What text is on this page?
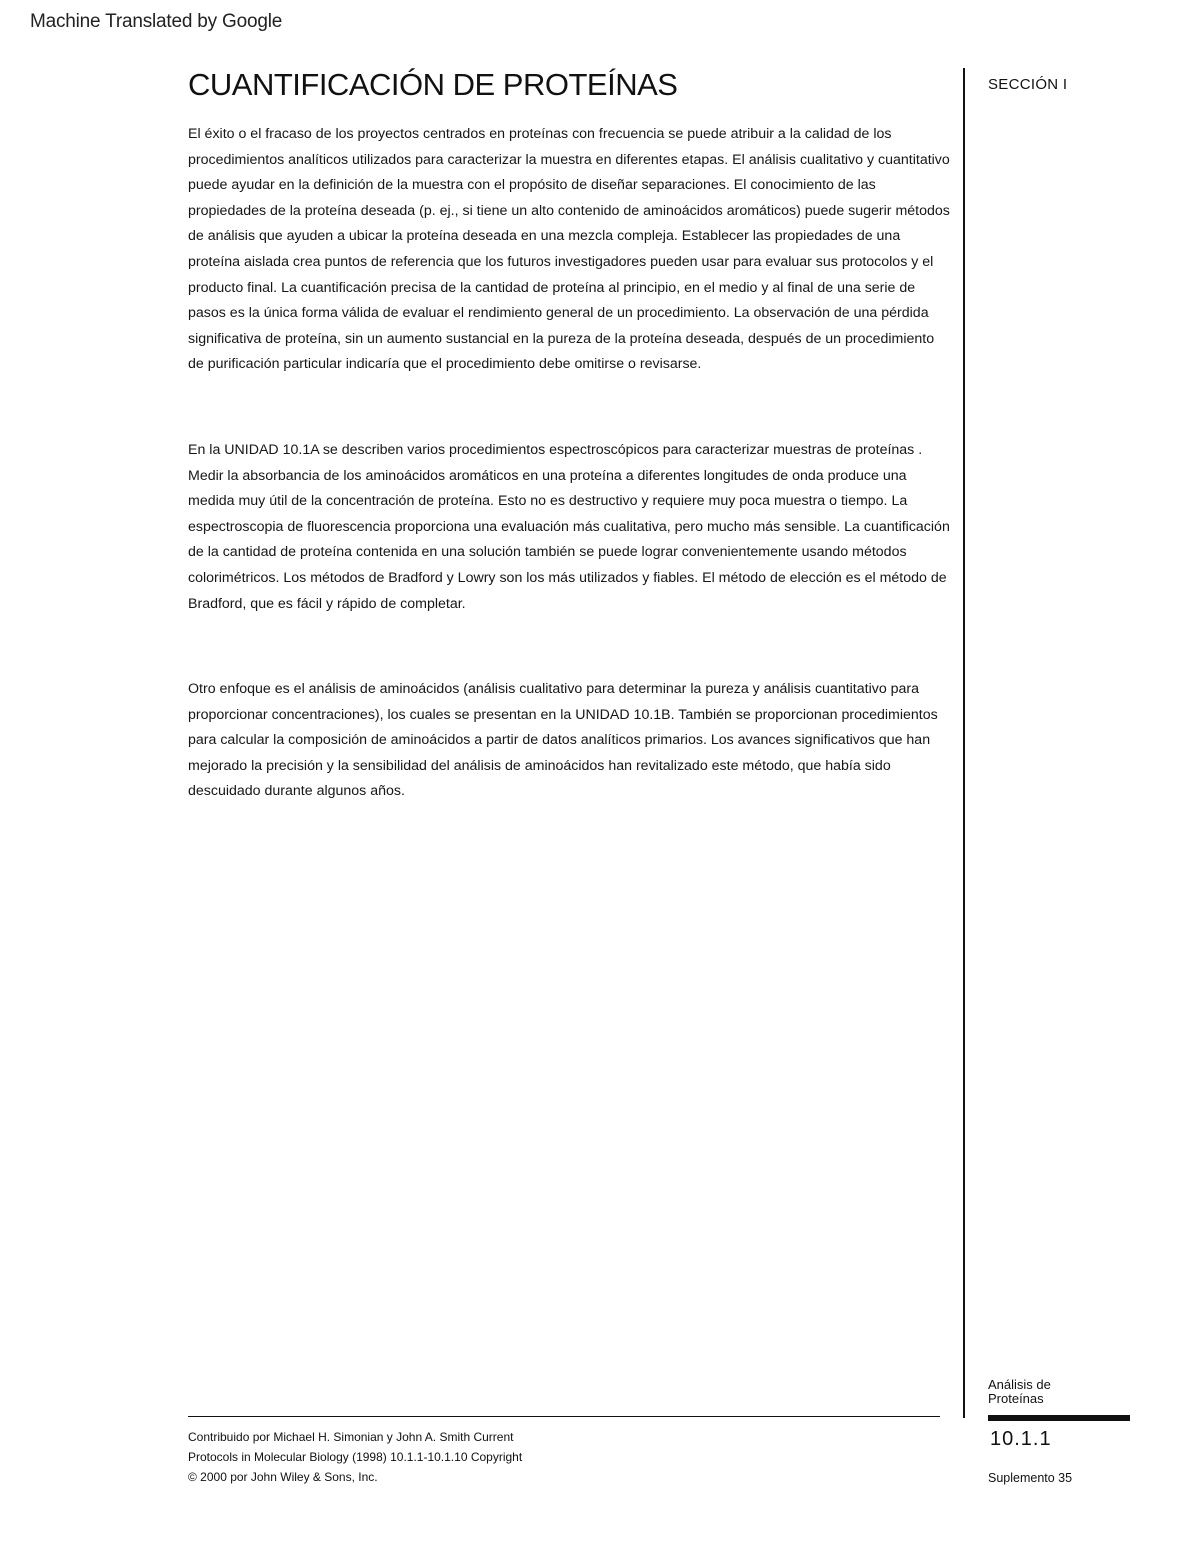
Machine Translated by Google
CUANTIFICACIÓN DE PROTEÍNAS

El éxito o el fracaso de los proyectos centrados en proteínas con frecuencia se puede atribuir a la calidad de los procedimientos analíticos utilizados para caracterizar la muestra en diferentes etapas. El análisis cualitativo y cuantitativo puede ayudar en la definición de la muestra con el propósito de diseñar separaciones. El conocimiento de las propiedades de la proteína deseada (p. ej., si tiene un alto contenido de aminoácidos aromáticos) puede sugerir métodos de análisis que ayuden a ubicar la proteína deseada en una mezcla compleja. Establecer las propiedades de una proteína aislada crea puntos de referencia que los futuros investigadores pueden usar para evaluar sus protocolos y el producto final. La cuantificación precisa de la cantidad de proteína al principio, en el medio y al final de una serie de pasos es la única forma válida de evaluar el rendimiento general de un procedimiento. La observación de una pérdida significativa de proteína, sin un aumento sustancial en la pureza de la proteína deseada, después de un procedimiento de purificación particular indicaría que el procedimiento debe omitirse o revisarse.

En la UNIDAD 10.1A se describen varios procedimientos espectroscópicos para caracterizar muestras de proteínas . Medir la absorbancia de los aminoácidos aromáticos en una proteína a diferentes longitudes de onda produce una medida muy útil de la concentración de proteína. Esto no es destructivo y requiere muy poca muestra o tiempo. La espectroscopia de fluorescencia proporciona una evaluación más cualitativa, pero mucho más sensible. La cuantificación de la cantidad de proteína contenida en una solución también se puede lograr convenientemente usando métodos colorimétricos. Los métodos de Bradford y Lowry son los más utilizados y fiables. El método de elección es el método de Bradford, que es fácil y rápido de completar.

Otro enfoque es el análisis de aminoácidos (análisis cualitativo para determinar la pureza y análisis cuantitativo para proporcionar concentraciones), los cuales se presentan en la UNIDAD 10.1B. También se proporcionan procedimientos para calcular la composición de aminoácidos a partir de datos analíticos primarios. Los avances significativos que han mejorado la precisión y la sensibilidad del análisis de aminoácidos han revitalizado este método, que había sido descuidado durante algunos años.

SECCIÓN I
Análisis de
Proteínas
10.1.1
Suplemento 35
Contribuido por Michael H. Simonian y John A. Smith Current
Protocols in Molecular Biology (1998) 10.1.1-10.1.10 Copyright
© 2000 por John Wiley & Sons, Inc.
